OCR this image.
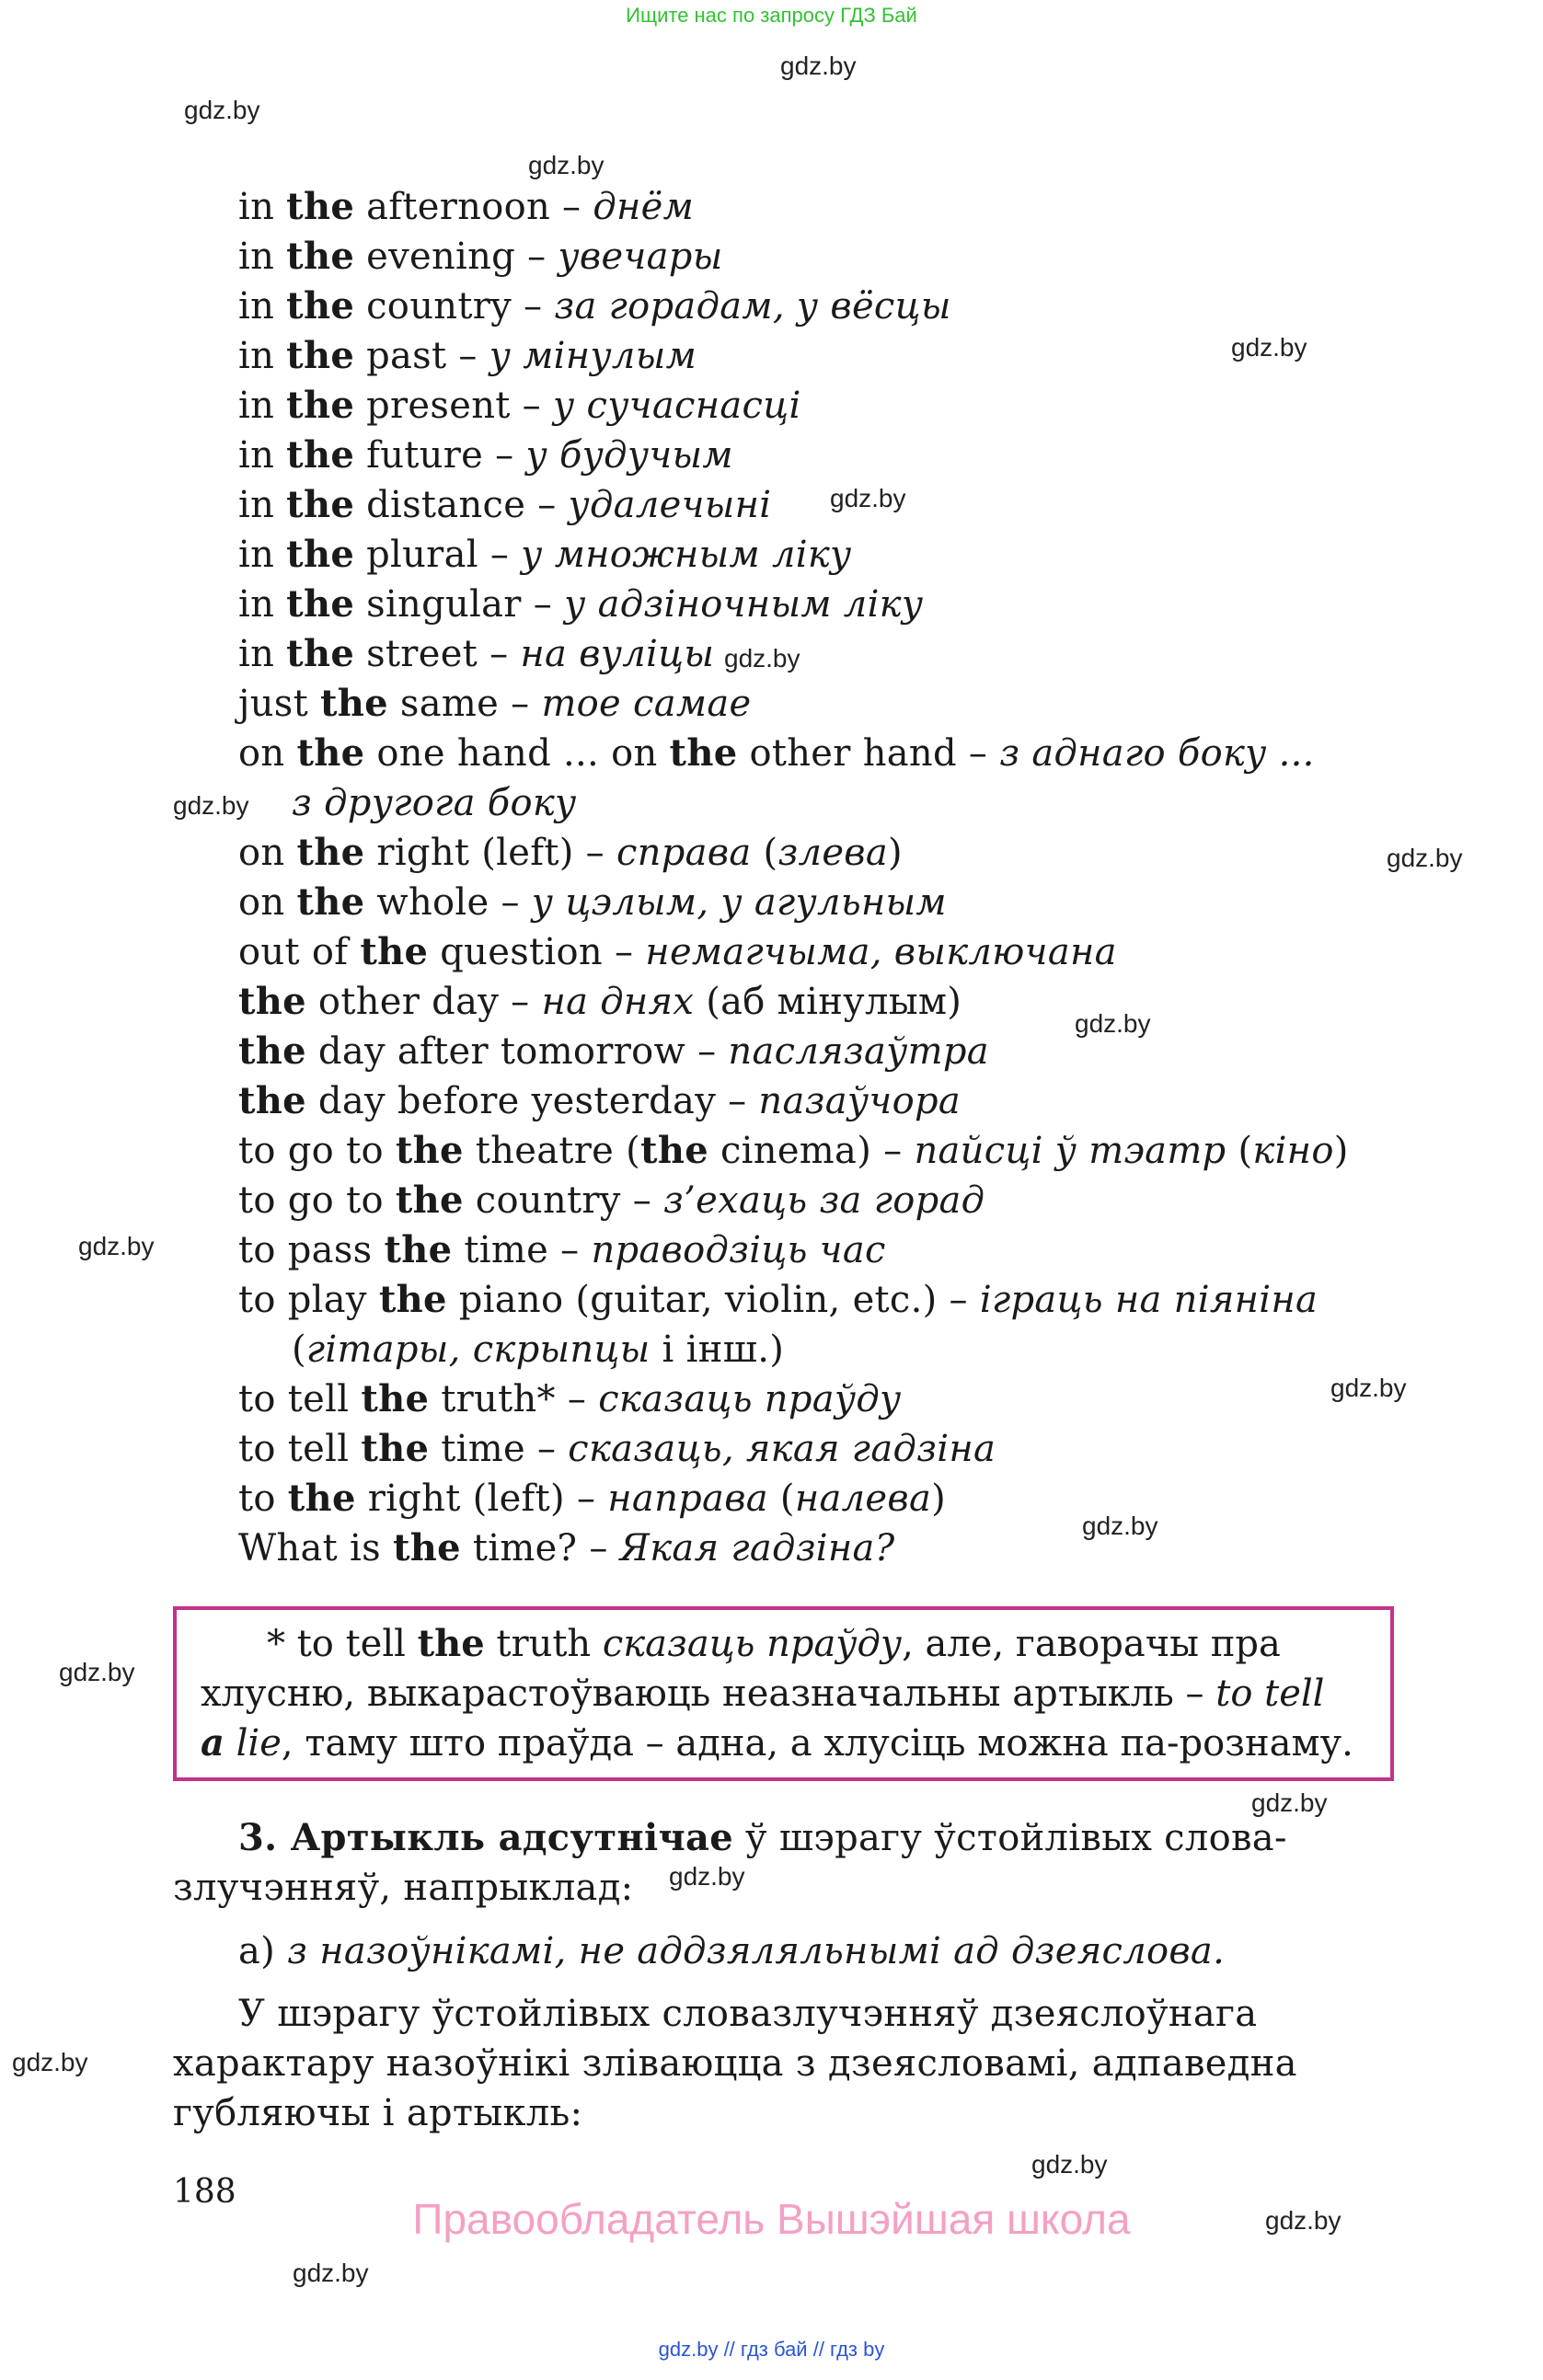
Ищите нас по запросу ГДЗ Бай
gdz.by
gdz.by
gdz.by
gdz.by
gdz.by
gdz.by
gdz.by
gdz.by
gdz.by
gdz.by
gdz.by
gdz.by
gdz.by
gdz.by
gdz.by
gdz.by
gdz.by
gdz.by
gdz.by
in the afternoon – днём
in the evening – увечары
in the country – за горадам, у вёсцы
in the past – у мінулым
in the present – у сучаснасці
in the future – у будучым
in the distance – удалечыні
in the plural – у множным ліку
in the singular – у адзіночным ліку
in the street – на вуліцы
just the same – тое самае
on the one hand ... on the other hand – з аднаго боку ...
з другога боку
on the right (left) – справа (злева)
on the whole – у цэлым, у агульным
out of the question – немагчыма, выключана
the other day – на днях (аб мінулым)
the day after tomorrow – паслязаўтра
the day before yesterday – пазаўчора
to go to the theatre (the cinema) – пайсці ў тэатр (кіно)
to go to the country – з’ехаць за горад
to pass the time – праводзіць час
to play the piano (guitar, violin, etc.) – іграць на піяніна
(гітары, скрыпцы і інш.)
to tell the truth* – сказаць праўду
to tell the time – сказаць, якая гадзіна
to the right (left) – направа (налева)
What is the time? – Якая гадзіна?
* to tell the truth сказаць праўду, але, гаворачы пра
хлусню, выкарастоўваюць неазначальны артыкль – to tell
a lie, таму што праўда – адна, а хлусіць можна па-рознаму.
3. Артыкль адсутнічае ў шэрагу ўстойлівых слова-
злучэнняў, напрыклад:
а) з назоўнікамі, не аддзяляльнымі ад дзеяслова.
У шэрагу ўстойлівых словазлучэнняў дзеяслоўнага
характару назоўнікі зліваюцца з дзеясловамі, адпаведна
губляючы і артыкль:
188
Правообладатель Вышэйшая школа
gdz.by // гдз бай // гдз by
